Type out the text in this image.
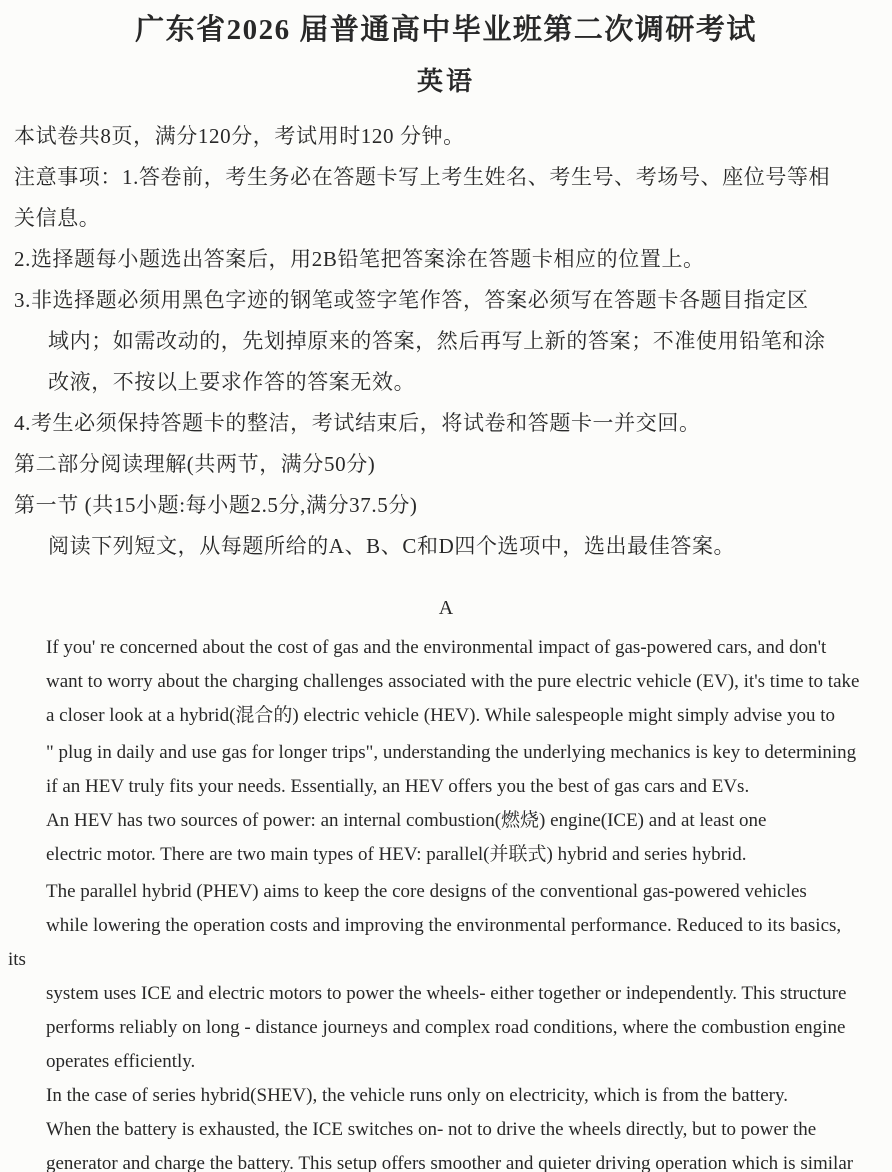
广东省2026 届普通高中毕业班第二次调研考试
英语
本试卷共8页，满分120分，考试用时120 分钟。
注意事项：1.答卷前，考生务必在答题卡写上考生姓名、考生号、考场号、座位号等相
关信息。
2.选择题每小题选出答案后，用2B铅笔把答案涂在答题卡相应的位置上。
3.非选择题必须用黑色字迹的钢笔或签字笔作答，答案必须写在答题卡各题目指定区
域内；如需改动的，先划掉原来的答案，然后再写上新的答案；不准使用铅笔和涂
改液，不按以上要求作答的答案无效。
4.考生必须保持答题卡的整洁，考试结束后，将试卷和答题卡一并交回。
第二部分阅读理解(共两节，满分50分)
第一节 (共15小题:每小题2.5分,满分37.5分)
阅读下列短文，从每题所给的A、B、C和D四个选项中，选出最佳答案。
A
If you' re concerned about the cost of gas and the environmental impact of gas-powered cars, and don't
want to worry about the charging challenges associated with the pure electric vehicle (EV), it's time to take
a closer look at a hybrid(混合的) electric vehicle (HEV). While salespeople might simply advise you to
" plug in daily and use gas for longer trips", understanding the underlying mechanics is key to determining
if an HEV truly fits your needs. Essentially, an HEV offers you the best of gas cars and EVs.
An HEV has two sources of power: an internal combustion(燃烧) engine(ICE) and at least one
electric motor. There are two main types of HEV: parallel(并联式) hybrid and series hybrid.
The parallel hybrid (PHEV) aims to keep the core designs of the conventional gas-powered vehicles
while lowering the operation costs and improving the environmental performance. Reduced to its basics,
its
system uses ICE and electric motors to power the wheels- either together or independently. This structure
performs reliably on long - distance journeys and complex road conditions, where the combustion engine
operates efficiently.
In the case of series hybrid(SHEV), the vehicle runs only on electricity, which is from the battery.
When the battery is exhausted, the ICE switches on- not to drive the wheels directly, but to power the
generator and charge the battery. This setup offers smoother and quieter driving operation which is similar
